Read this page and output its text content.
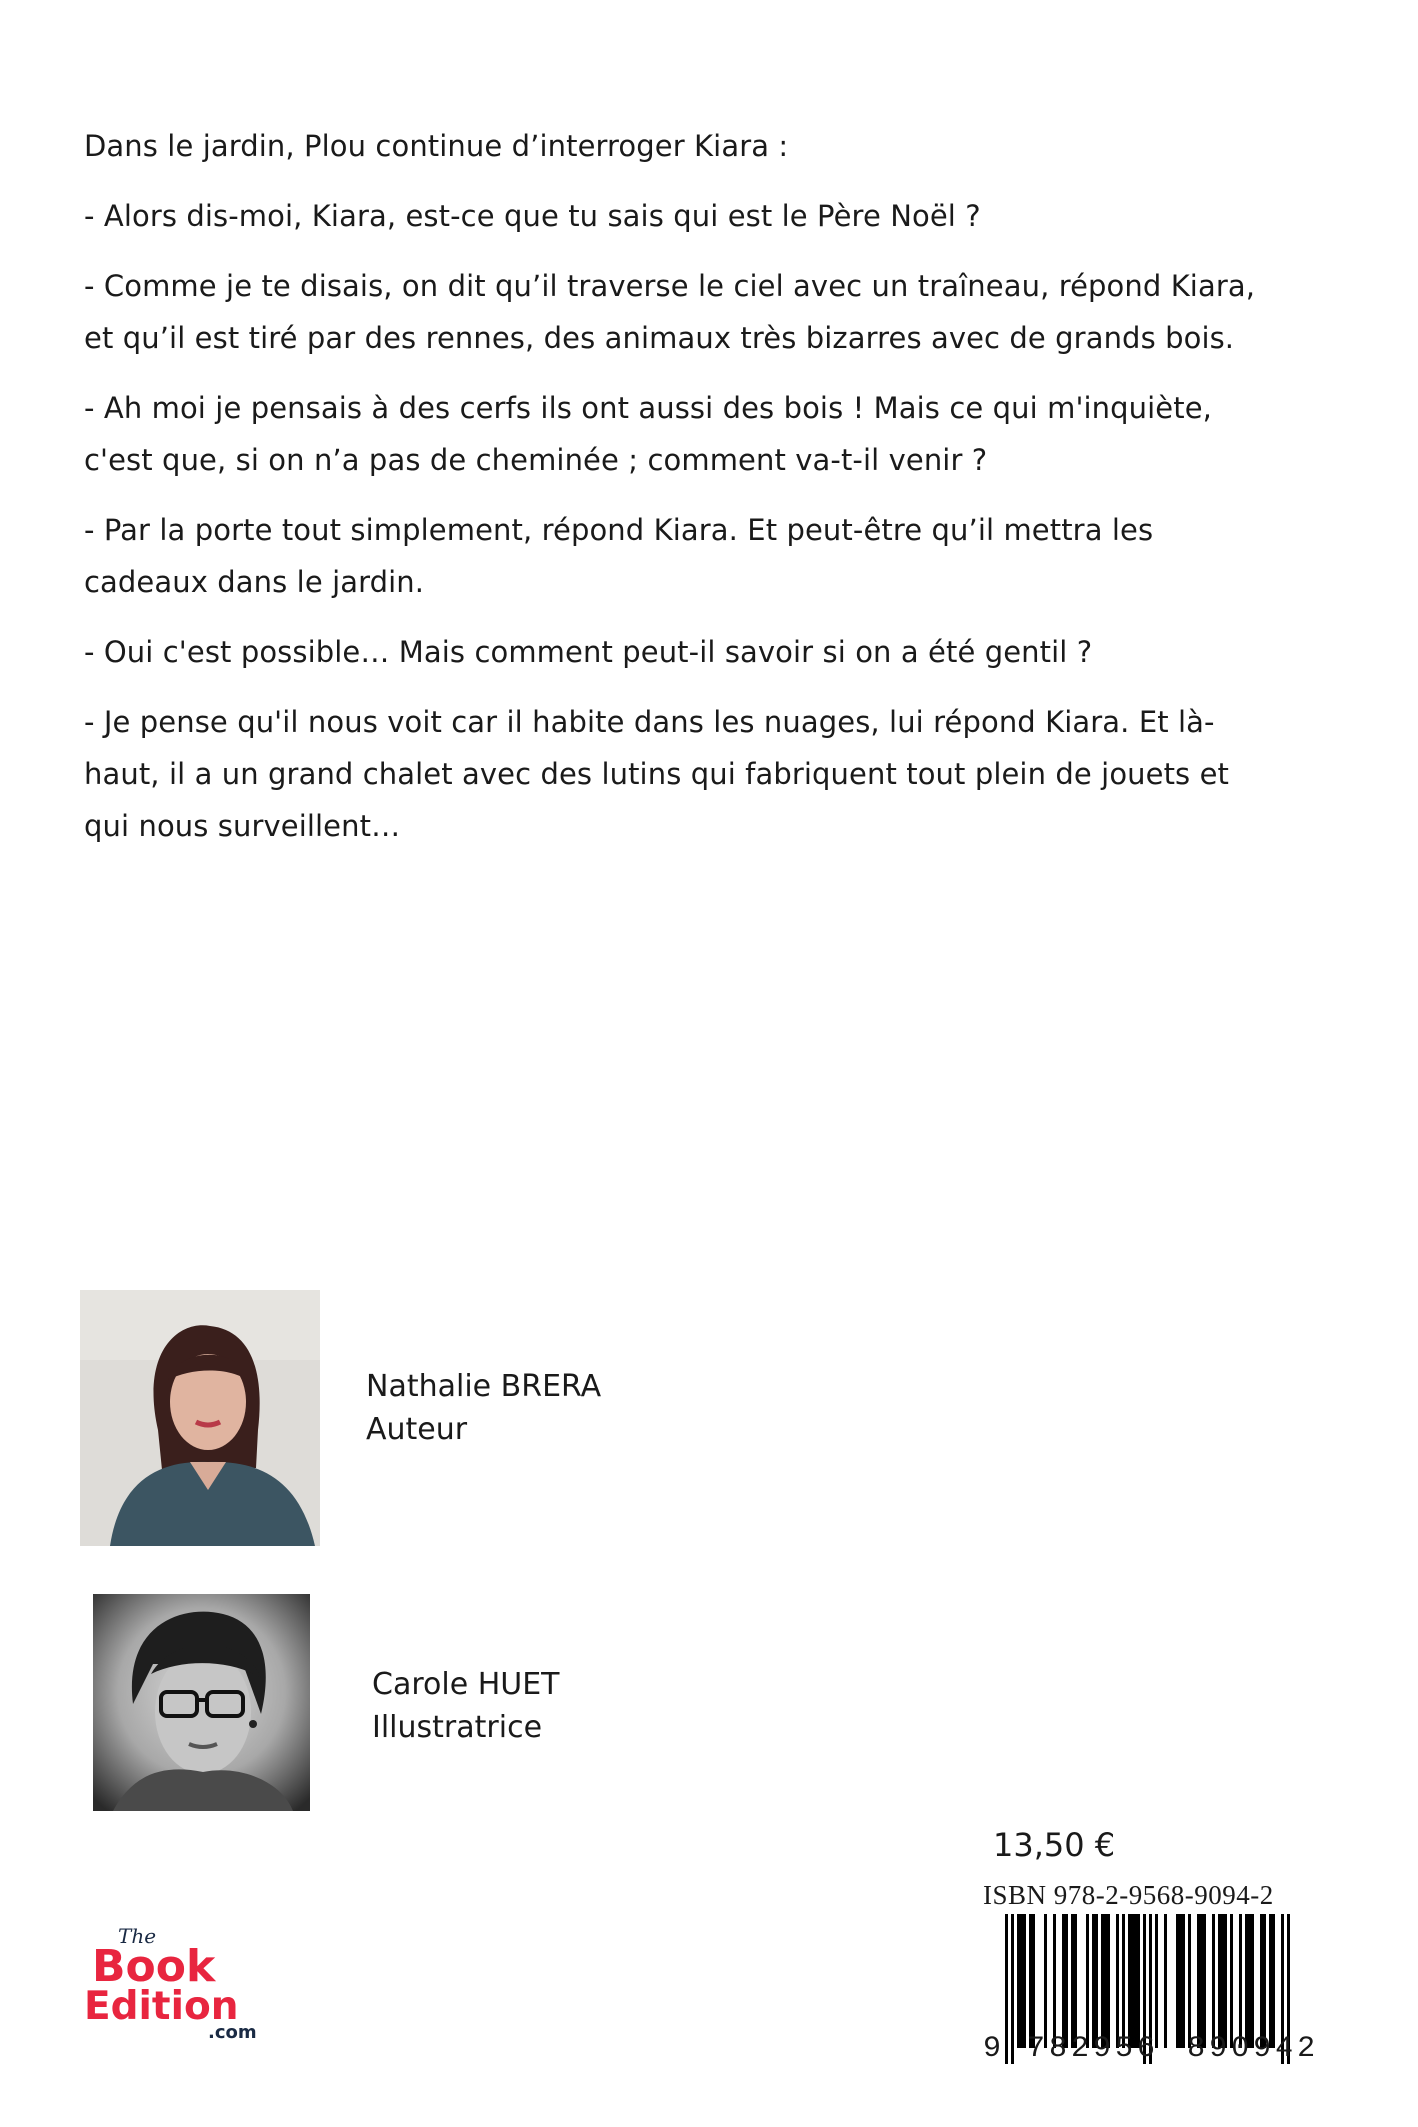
Dans le jardin, Plou continue d’interroger Kiara :

- Alors dis-moi, Kiara, est-ce que tu sais qui est le Père Noël ?

- Comme je te disais, on dit qu’il traverse le ciel avec un traîneau, répond Kiara,
et qu’il est tiré par des rennes, des animaux très bizarres avec de grands bois.

- Ah moi je pensais à des cerfs ils ont aussi des bois ! Mais ce qui m'inquiète,
c'est que, si on n’a pas de cheminée ; comment va-t-il venir ?

- Par la porte tout simplement, répond Kiara. Et peut-être qu’il mettra les
cadeaux dans le jardin.

- Oui c'est possible… Mais comment peut-il savoir si on a été gentil ?

- Je pense qu'il nous voit car il habite dans les nuages, lui répond Kiara. Et là-
haut, il a un grand chalet avec des lutins qui fabriquent tout plein de jouets et
qui nous surveillent…

Nathalie BRERA
Auteur
Carole HUET
Illustratrice
13,50 €
ISBN 978-2-9568-9094-2
9 782956 890942
The
Book
Edition
.com
